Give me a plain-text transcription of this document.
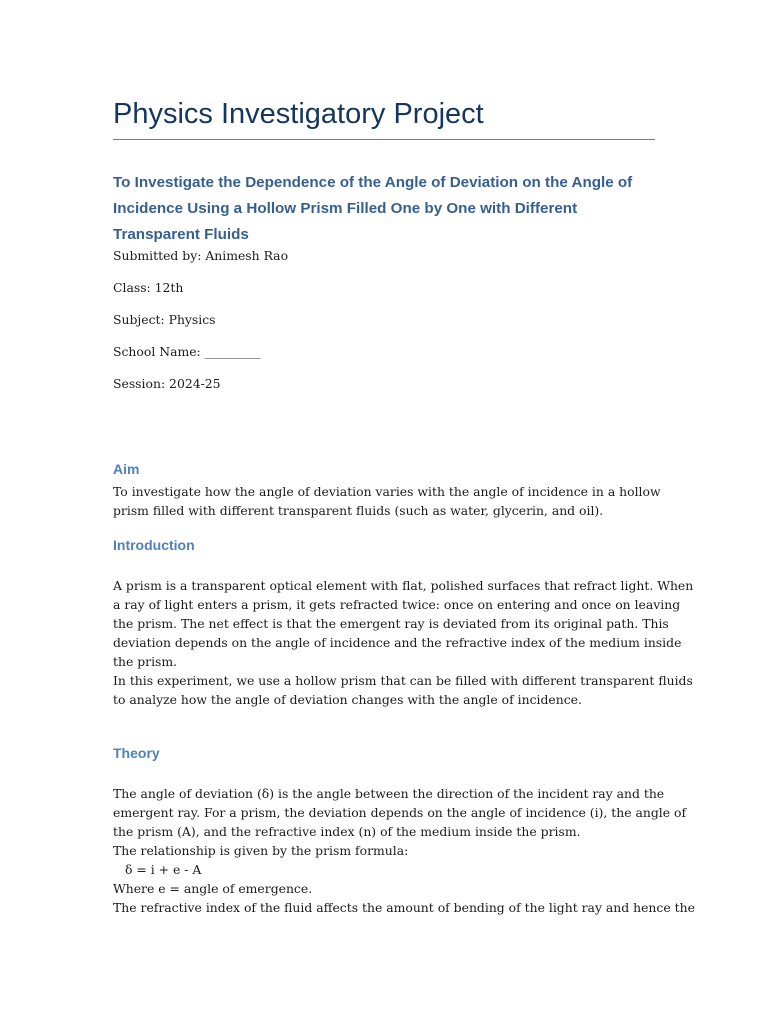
Physics Investigatory Project
To Investigate the Dependence of the Angle of Deviation on the Angle of
Incidence Using a Hollow Prism Filled One by One with Different
Transparent Fluids

Submitted by: Animesh Rao

Class: 12th

Subject: Physics

School Name: _________

Session: 2024-25

Aim
To investigate how the angle of deviation varies with the angle of incidence in a hollow
prism filled with different transparent fluids (such as water, glycerin, and oil).
Introduction
A prism is a transparent optical element with flat, polished surfaces that refract light. When
a ray of light enters a prism, it gets refracted twice: once on entering and once on leaving
the prism. The net effect is that the emergent ray is deviated from its original path. This
deviation depends on the angle of incidence and the refractive index of the medium inside
the prism.
In this experiment, we use a hollow prism that can be filled with different transparent fluids
to analyze how the angle of deviation changes with the angle of incidence.
Theory
The angle of deviation (δ) is the angle between the direction of the incident ray and the
emergent ray. For a prism, the deviation depends on the angle of incidence (i), the angle of
the prism (A), and the refractive index (n) of the medium inside the prism.
The relationship is given by the prism formula:
δ = i + e - A
Where e = angle of emergence.
The refractive index of the fluid affects the amount of bending of the light ray and hence the
